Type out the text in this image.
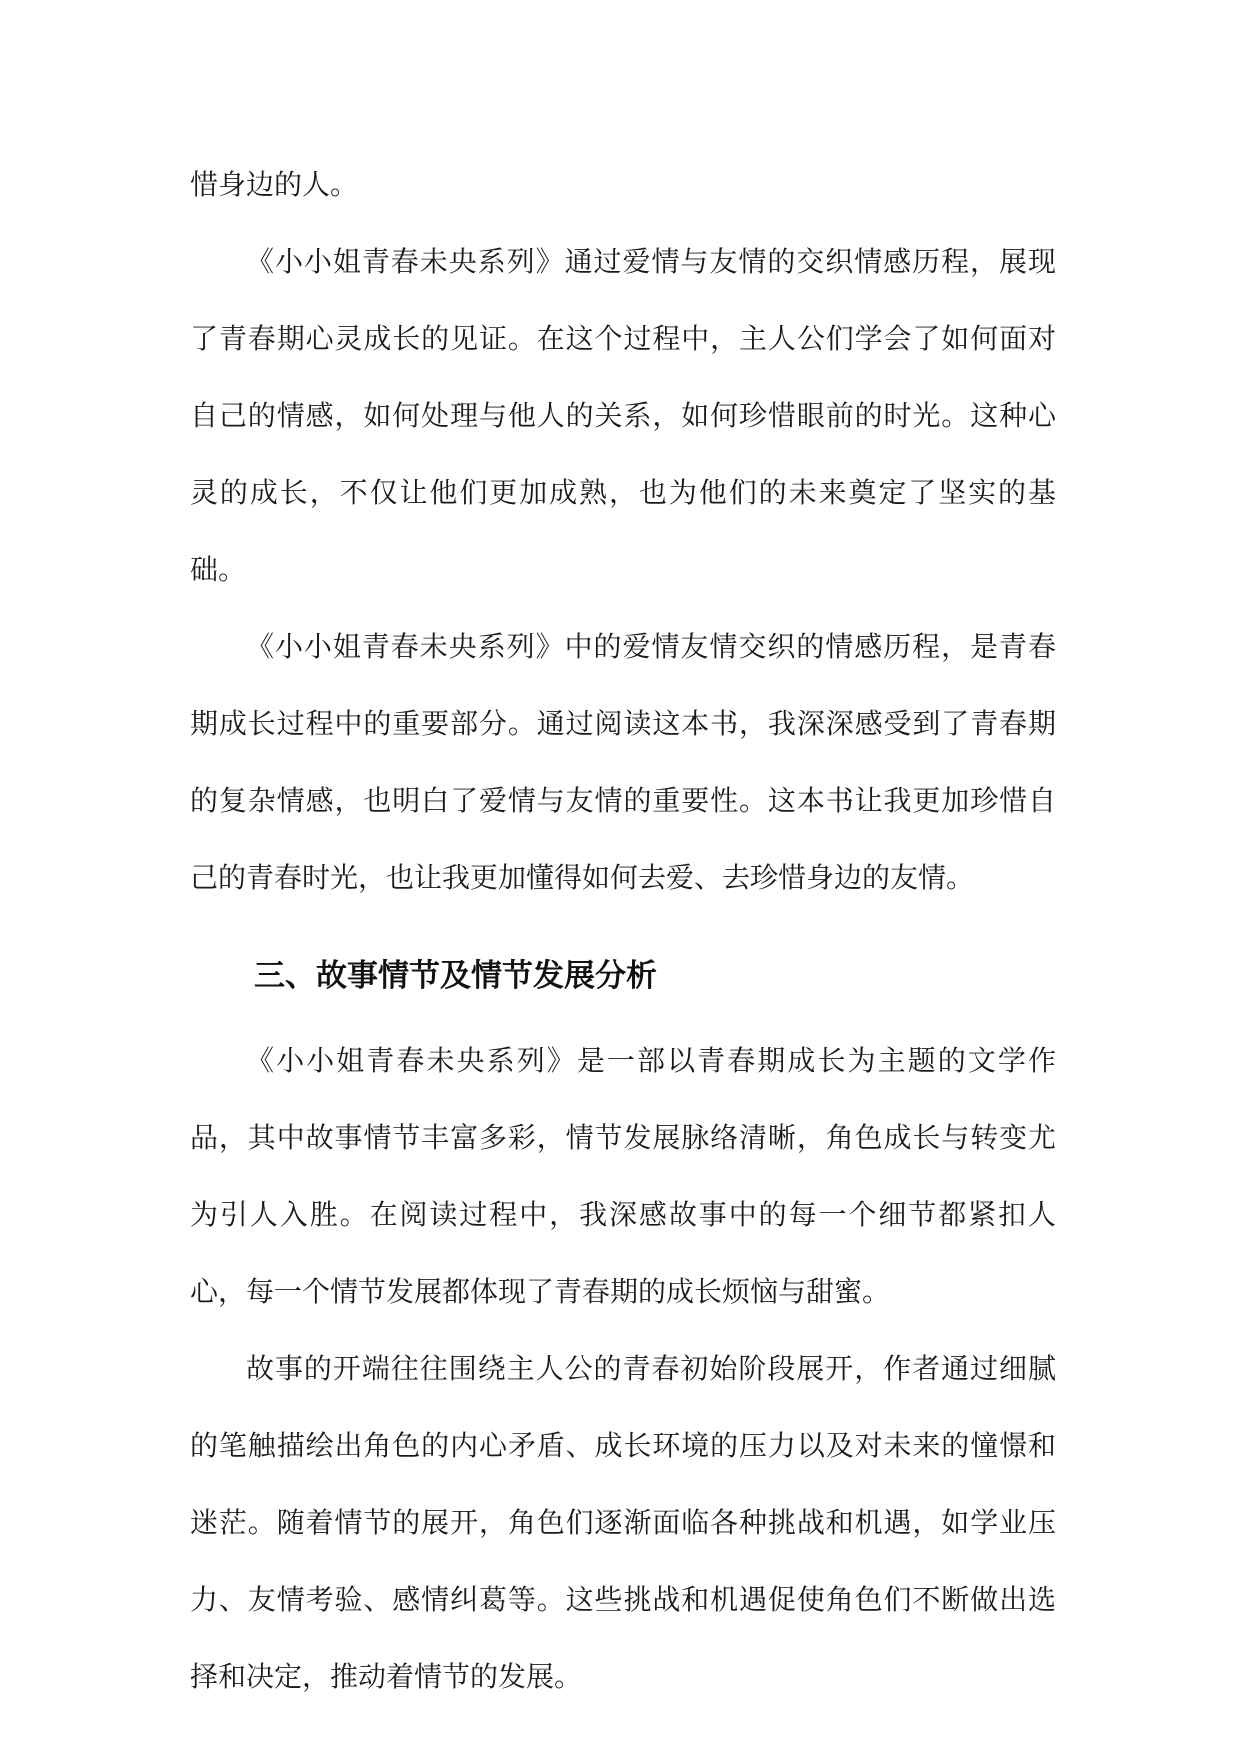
惜身边的人。

《小小姐青春未央系列》通过爱情与友情的交织情感历程，展现了青春期心灵成长的见证。在这个过程中，主人公们学会了如何面对自己的情感，如何处理与他人的关系，如何珍惜眼前的时光。这种心灵的成长，不仅让他们更加成熟，也为他们的未来奠定了坚实的基础。

《小小姐青春未央系列》中的爱情友情交织的情感历程，是青春期成长过程中的重要部分。通过阅读这本书，我深深感受到了青春期的复杂情感，也明白了爱情与友情的重要性。这本书让我更加珍惜自己的青春时光，也让我更加懂得如何去爱、去珍惜身边的友情。

三、故事情节及情节发展分析

《小小姐青春未央系列》是一部以青春期成长为主题的文学作品，其中故事情节丰富多彩，情节发展脉络清晰，角色成长与转变尤为引人入胜。在阅读过程中，我深感故事中的每一个细节都紧扣人心，每一个情节发展都体现了青春期的成长烦恼与甜蜜。

故事的开端往往围绕主人公的青春初始阶段展开，作者通过细腻的笔触描绘出角色的内心矛盾、成长环境的压力以及对未来的憧憬和迷茫。随着情节的展开，角色们逐渐面临各种挑战和机遇，如学业压力、友情考验、感情纠葛等。这些挑战和机遇促使角色们不断做出选择和决定，推动着情节的发展。
